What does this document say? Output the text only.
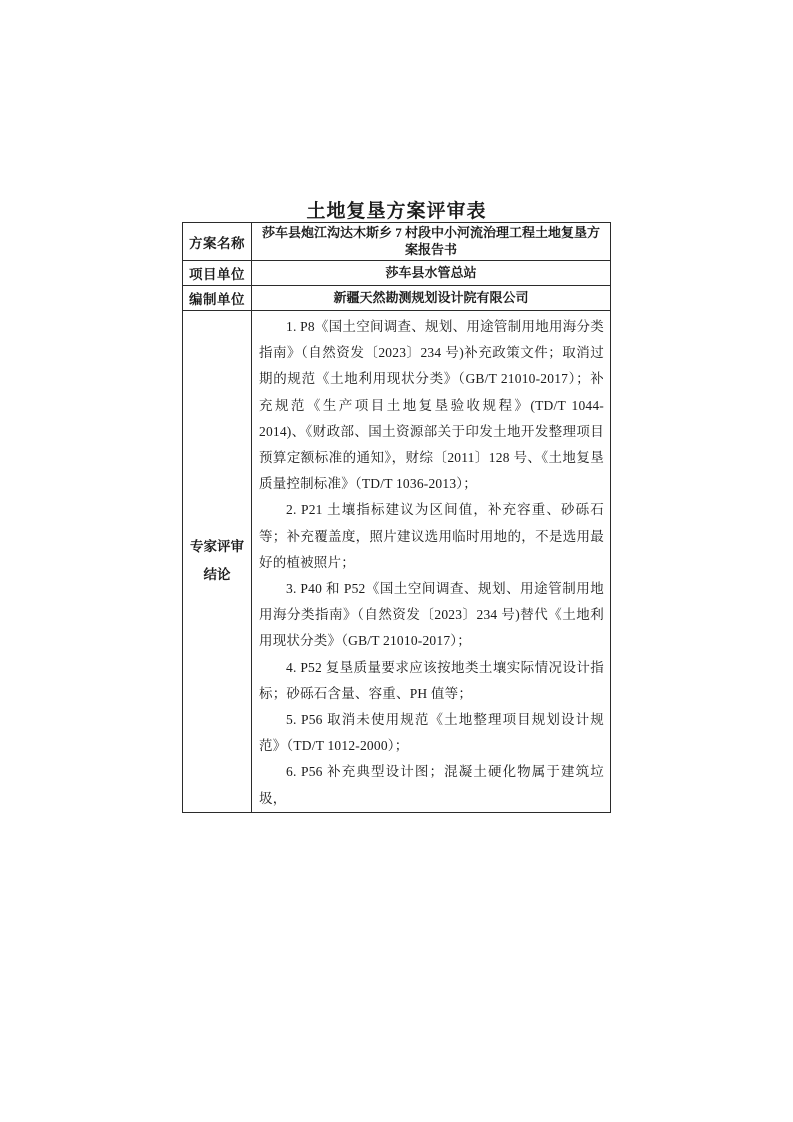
土地复垦方案评审表
方案名称	莎车县炮江沟达木斯乡 7 村段中小河流治理工程土地复垦方案报告书
项目单位	莎车县水管总站
编制单位	新疆天然勘测规划设计院有限公司

专家评审
结论

1. P8《国土空间调查、规划、用途管制用地用海分类指南》（自然资发〔2023〕234 号)补充政策文件；取消过期的规范《土地利用现状分类》（GB/T 21010-2017）；补充规范《生产项目土地复垦验收规程》(TD/T 1044-2014)、《财政部、国土资源部关于印发土地开发整理项目预算定额标准的通知》，财综〔2011〕128 号、《土地复垦质量控制标准》（TD/T 1036-2013）；

2. P21 土壤指标建议为区间值，补充容重、砂砾石等；补充覆盖度，照片建议选用临时用地的，不是选用最好的植被照片；

3. P40 和 P52《国土空间调查、规划、用途管制用地用海分类指南》（自然资发〔2023〕234 号)替代《土地利用现状分类》（GB/T 21010-2017）；

4. P52 复垦质量要求应该按地类土壤实际情况设计指标；砂砾石含量、容重、PH 值等；

5. P56 取消未使用规范《土地整理项目规划设计规范》（TD/T 1012-2000）；

6. P56 补充典型设计图；混凝土硬化物属于建筑垃圾，
